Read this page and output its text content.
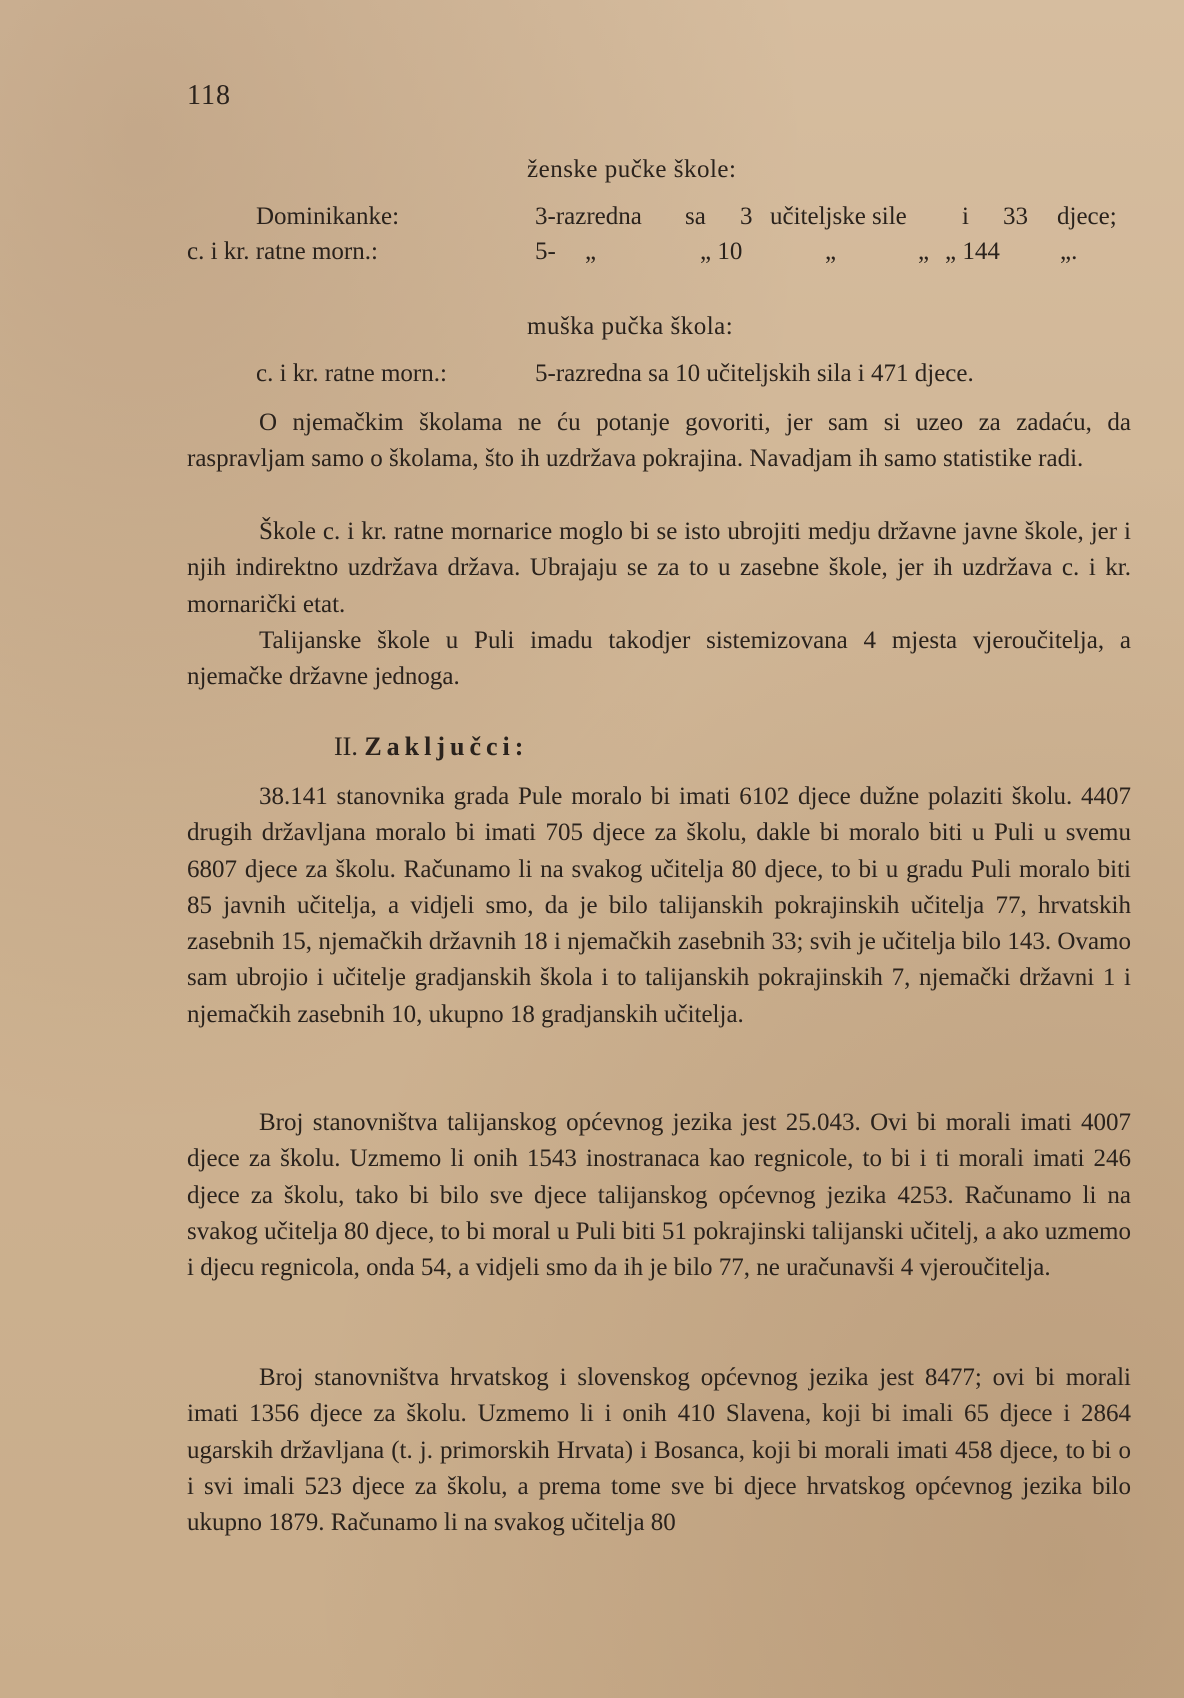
118
ženske pučke škole:
Dominikanke:	3-razredna sa 3 učiteljske sile i 33 djece;
c. i kr. ratne morn.:	5- „	„ 10	„	„ „ 144 „.
muška pučka škola:
c. i kr. ratne morn.:	5-razredna sa 10 učiteljskih sila i 471 djece.

O njemačkim školama ne ću potanje govoriti, jer sam si uzeo za zadaću, da raspravljam samo o školama, što ih uzdržava pokrajina. Navadjam ih samo statistike radi.

Škole c. i kr. ratne mornarice moglo bi se isto ubrojiti medju državne javne škole, jer i njih indirektno uzdržava država. Ubrajaju se za to u zasebne škole, jer ih uzdržava c. i kr. mornarički etat.

Talijanske škole u Puli imadu takodjer sistemizovana 4 mjesta vjeroučitelja, a njemačke državne jednoga.

II. Zaključci:

38.141 stanovnika grada Pule moralo bi imati 6102 djece dužne polaziti školu. 4407 drugih državljana moralo bi imati 705 djece za školu, dakle bi moralo biti u Puli u svemu 6807 djece za školu. Računamo li na svakog učitelja 80 djece, to bi u gradu Puli moralo biti 85 javnih učitelja, a vidjeli smo, da je bilo talijanskih pokrajinskih učitelja 77, hrvatskih zasebnih 15, njemačkih državnih 18 i njemačkih zasebnih 33; svih je učitelja bilo 143. Ovamo sam ubrojio i učitelje gradjanskih škola i to talijanskih pokrajinskih 7, njemački državni 1 i njemačkih zasebnih 10, ukupno 18 gradjanskih učitelja.

Broj stanovništva talijanskog općevnog jezika jest 25.043. Ovi bi morali imati 4007 djece za školu. Uzmemo li onih 1543 inostranaca kao regnicole, to bi i ti morali imati 246 djece za školu, tako bi bilo sve djece talijanskog općevnog jezika 4253. Računamo li na svakog učitelja 80 djece, to bi moral u Puli biti 51 pokrajinski talijanski učitelj, a ako uzmemo i djecu regnicola, onda 54, a vidjeli smo da ih je bilo 77, ne uračunavši 4 vjeroučitelja.

Broj stanovništva hrvatskog i slovenskog općevnog jezika jest 8477; ovi bi morali imati 1356 djece za školu. Uzmemo li i onih 410 Slavena, koji bi imali 65 djece i 2864 ugarskih državljana (t. j. primorskih Hrvata) i Bosanca, koji bi morali imati 458 djece, to bi o i svi imali 523 djece za školu, a prema tome sve bi djece hrvatskog općevnog jezika bilo ukupno 1879. Računamo li na svakog učitelja 80
